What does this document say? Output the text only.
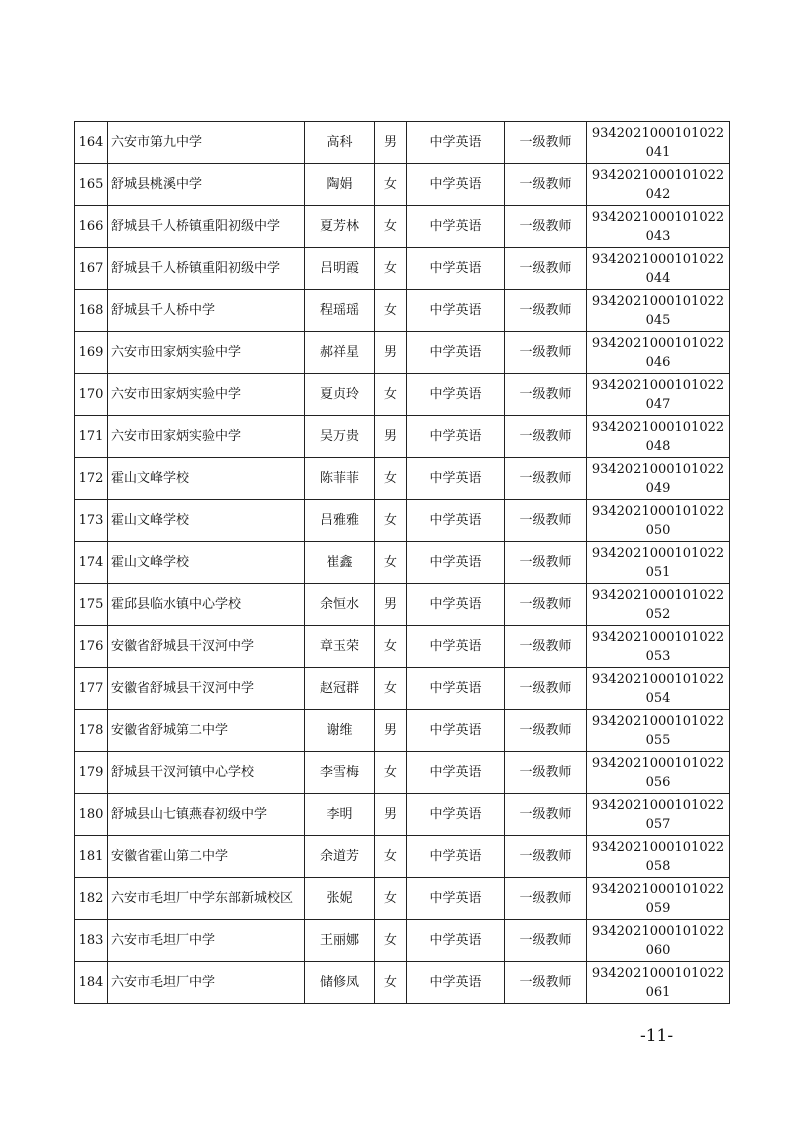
164	六安市第九中学	高科	男	中学英语	一级教师	9342021000101022041
165	舒城县桃溪中学	陶娟	女	中学英语	一级教师	9342021000101022042
166	舒城县千人桥镇重阳初级中学	夏芳林	女	中学英语	一级教师	9342021000101022043
167	舒城县千人桥镇重阳初级中学	吕明霞	女	中学英语	一级教师	9342021000101022044
168	舒城县千人桥中学	程瑶瑶	女	中学英语	一级教师	9342021000101022045
169	六安市田家炳实验中学	郝祥星	男	中学英语	一级教师	9342021000101022046
170	六安市田家炳实验中学	夏贞玲	女	中学英语	一级教师	9342021000101022047
171	六安市田家炳实验中学	吴万贵	男	中学英语	一级教师	9342021000101022048
172	霍山文峰学校	陈菲菲	女	中学英语	一级教师	9342021000101022049
173	霍山文峰学校	吕雅雅	女	中学英语	一级教师	9342021000101022050
174	霍山文峰学校	崔鑫	女	中学英语	一级教师	9342021000101022051
175	霍邱县临水镇中心学校	余恒水	男	中学英语	一级教师	9342021000101022052
176	安徽省舒城县干汊河中学	章玉荣	女	中学英语	一级教师	9342021000101022053
177	安徽省舒城县干汊河中学	赵冠群	女	中学英语	一级教师	9342021000101022054
178	安徽省舒城第二中学	谢维	男	中学英语	一级教师	9342021000101022055
179	舒城县干汊河镇中心学校	李雪梅	女	中学英语	一级教师	9342021000101022056
180	舒城县山七镇燕春初级中学	李明	男	中学英语	一级教师	9342021000101022057
181	安徽省霍山第二中学	余道芳	女	中学英语	一级教师	9342021000101022058
182	六安市毛坦厂中学东部新城校区	张妮	女	中学英语	一级教师	9342021000101022059
183	六安市毛坦厂中学	王丽娜	女	中学英语	一级教师	9342021000101022060
184	六安市毛坦厂中学	储修凤	女	中学英语	一级教师	9342021000101022061
-11-
